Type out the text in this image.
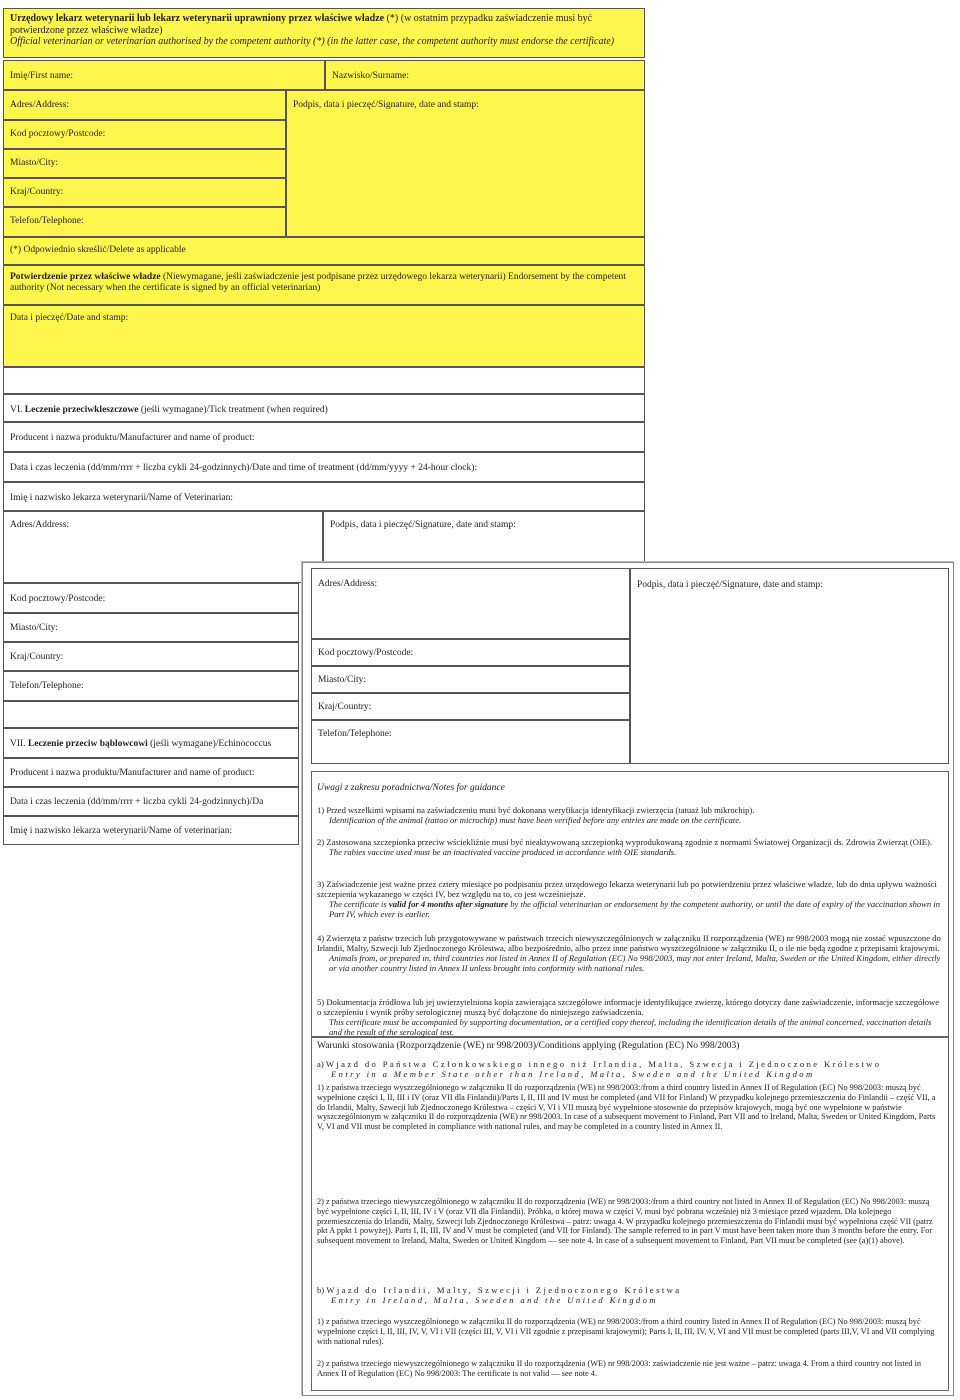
Urzędowy lekarz weterynarii lub lekarz weterynarii uprawniony przez właściwe władze (*) (w ostatnim przypadku zaświadczenie musi być potwierdzone przez właściwe władze)

Official veterinarian or veterinarian authorised by the competent authority (*) (in the latter case, the competent authority must endorse the certificate)

Imię/First name:	Nazwisko/Surname:
Adres/Address:	Podpis, data i pieczęć/Signature, date and stamp:
Kod pocztowy/Postcode:
Miasto/City:
Kraj/Country:
Telefon/Telephone:
(*) Odpowiednio skreślić/Delete as applicable
Potwierdzenie przez właściwe władze (Niewymagane, jeśli zaświadczenie jest podpisane przez urzędowego lekarza weterynarii) Endorsement by the competent authority (Not necessary when the certificate is signed by an official veterinarian)
Data i pieczęć/Date and stamp:
VI. Leczenie przeciwkleszczowe (jeśli wymagane)/Tick treatment (when required)
Producent i nazwa produktu/Manufacturer and name of product:
Data i czas leczenia (dd/mm/rrrr + liczba cykli 24-godzinnych)/Date and time of treatment (dd/mm/yyyy + 24-hour clock):
Imię i nazwisko lekarza weterynarii/Name of Veterinarian:
Adres/Address:	Podpis, data i pieczęć/Signature, date and stamp:
Kod pocztowy/Postcode:
Miasto/City:
Kraj/Country:
Telefon/Telephone:
VII. Leczenie przeciw bąblowcowi (jeśli wymagane)/Echinococcus
Producent i nazwa produktu/Manufacturer and name of product:
Data i czas leczenia (dd/mm/rrrr + liczba cykli 24-godzinnych)/Da
Imię i nazwisko lekarza weterynarii/Name of veterinarian:
Adres/Address:	Podpis, data i pieczęć/Signature, date and stamp:
Kod pocztowy/Postcode:
Miasto/City:
Kraj/Country:
Telefon/Telephone:
Uwagi z zakresu poradnictwa/Notes for guidance

1) Przed wszelkimi wpisami na zaświadczeniu musi być dokonana weryfikacja identyfikacji zwierzęcia (tatuaż lub mikrochip).

Identification of the animal (tattoo or microchip) must have been verified before any entries are made on the certificate.

2) Zastosowana szczepionka przeciw wściekliźnie musi być nieaktywowaną szczepionką wyprodukowaną zgodnie z normami Światowej Organizacji ds. Zdrowia Zwierząt (OIE).

The rabies vaccine used must be an inactivated vaccine produced in accordance with OIE standards.

3) Zaświadczenie jest ważne przez cztery miesiące po podpisaniu przez urzędowego lekarza weterynarii lub po potwierdzeniu przez właściwe władze, lub do dnia upływu ważności szczepienia wykazanego w części IV, bez względu na to, co jest wcześniejsze.

The certificate is valid for 4 months after signature by the official veterinarian or endorsement by the competent authority, or until the date of expiry of the vaccination shown in Part IV, which ever is earlier.

4) Zwierzęta z państw trzecich lub przygotowywane w państwach trzecich niewyszczególnionych w załączniku II rozporządzenia (WE) nr 998/2003 mogą nie zostać wpuszczone do Irlandii, Malty, Szwecji lub Zjednoczonego Królestwa, albo bezpośrednio, albo przez inne państwo wyszczególnione w załączniku II, o ile nie będą zgodne z przepisami krajowymi.

Animals from, or prepared in, third countries not listed in Annex II of Regulation (EC) No 998/2003, may not enter Ireland, Malta, Sweden or the United Kingdom, either directly or via another country listed in Annex II unless brought into conformity with national rules.

5) Dokumentacja źródłowa lub jej uwierzytelniona kopia zawierająca szczegółowe informacje identyfikujące zwierzę, którego dotyczy dane zaświadczenie, informacje szczegółowe o szczepieniu i wynik próby serologicznej muszą być dołączone do niniejszego zaświadczenia.

This certificate must be accompanied by supporting documentation, or a certified copy thereof, including the identification details of the animal concerned, vaccination details and the result of the serological test.

Warunki stosowania (Rozporządzenie (WE) nr 998/2003)/Conditions applying (Regulation (EC) No 998/2003)

a) Wjazd do Państwa Członkowskiego innego niż Irlandia, Malta, Szwecja i Zjednoczone Królestwo

Entry in a Member State other than Ireland, Malta, Sweden and the United Kingdom

1) z państwa trzeciego wyszczególnionego w załączniku II do rozporządzenia (WE) nr 998/2003:/from a third country listed in Annex II of Regulation (EC) No 998/2003: muszą być wypełnione części I, II, III i IV (oraz VII dla Finlandii)/Parts I, II, III and IV must be completed (and VII for Finland) W przypadku kolejnego przemieszczenia do Finlandii – część VII, a do Irlandii, Malty, Szwecji lub Zjednoczonego Królestwa – części V, VI i VII muszą być wypełnione stosownie do przepisów krajowych, mogą być one wypełnione w państwie wyszczególnionym w załączniku II do rozporządzenia (WE) nr 998/2003. In case of a subsequent movement to Finland, Part VII and to Ireland, Malta, Sweden or United Kingdom, Parts V, VI and VII must be completed in compliance with national rules, and may be completed in a country listed in Annex II.
2) z państwa trzeciego niewyszczególnionego w załączniku II do rozporządzenia (WE) nr 998/2003:/from a third country not listed in Annex II of Regulation (EC) No 998/2003: muszą być wypełnione części I, II, III, IV i V (oraz VII dla Finlandii). Próbka, o której mowa w części V, musi być pobrana wcześniej niż 3 miesiące przed wjazdem. Dla kolejnego przemieszczenia do Irlandii, Malty, Szwecji lub Zjednoczonego Królestwa – patrz: uwaga 4. W przypadku kolejnego przemieszczenia do Finlandii musi być wypełniona część VII (patrz pkt A ppkt 1 powyżej). Parts I, II, III, IV and V must be completed (and VII for Finland). The sample referred to in part V must have been taken more than 3 months before the entry. For subsequent movement to Ireland, Malta, Sweden or United Kingdom — see note 4. In case of a subsequent movement to Finland, Part VII must be completed (see (a)(1) above).

b) Wjazd do Irlandii, Malty, Szwecji i Zjednoczonego Królestwa

Entry in Ireland, Malta, Sweden and the United Kingdom

1) z państwa trzeciego wyszczególnionego w załączniku II do rozporządzenia (WE) nr 998/2003:/from a third country listed in Annex II of Regulation (EC) No 998/2003: muszą być wypełnione części I, II, III, IV, V, VI i VII (części III, V, VI i VII zgodnie z przepisami krajowymi); Parts I, II, III, IV, V, VI and VII must be completed (parts III,V, VI and VII complying with national rules).
2) z państwa trzeciego niewyszczególnionego w załączniku II do rozporządzenia (WE) nr 998/2003: zaświadczenie nie jest ważne – patrz: uwaga 4. From a third country not listed in Annex II of Regulation (EC) No 998/2003: The certificate is not valid — see note 4.
